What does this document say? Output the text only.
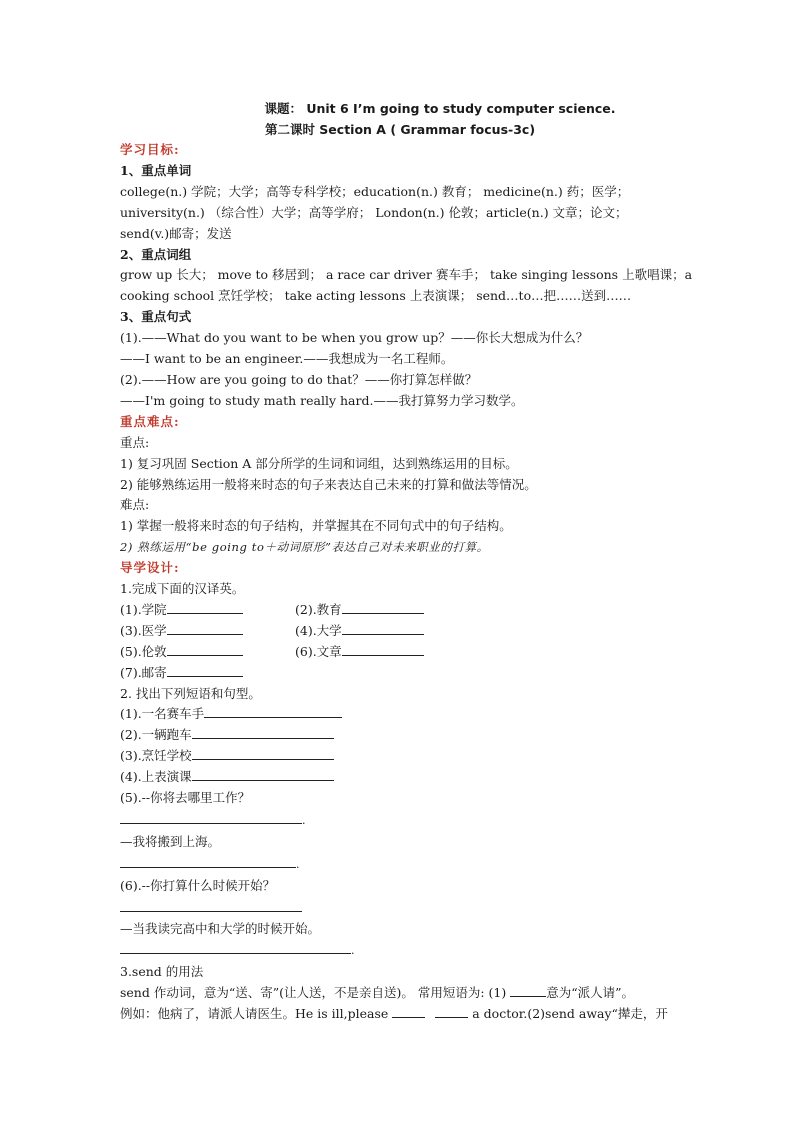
课题： Unit 6 I’m going to study computer science.
第二课时 Section A ( Grammar focus-3c)
学习目标:
1、重点单词
college(n.) 学院；大学；高等专科学校；education(n.) 教育； medicine(n.) 药；医学；
university(n.) （综合性）大学；高等学府； London(n.) 伦敦；article(n.) 文章；论文；
send(v.)邮寄；发送
2、重点词组
grow up 长大； move to 移居到； a race car driver 赛车手； take singing lessons 上歌唱课；a
cooking school 烹饪学校； take acting lessons 上表演课； send…to…把……送到……
3、重点句式
(1).——What do you want to be when you grow up？——你长大想成为什么？
——I want to be an engineer.——我想成为一名工程师。
(2).——How are you going to do that？——你打算怎样做？
——I'm going to study math really hard.——我打算努力学习数学。
重点难点:
重点:
1) 复习巩固 Section A 部分所学的生词和词组，达到熟练运用的目标。
2) 能够熟练运用一般将来时态的句子来表达自己未来的打算和做法等情况。
难点:
1) 掌握一般将来时态的句子结构，并掌握其在不同句式中的句子结构。
2) 熟练运用“be going to＋动词原形”表达自己对未来职业的打算。
导学设计:
1.完成下面的汉译英。
(1).学院	(2).教育
(3).医学	(4).大学
(5).伦敦	(6).文章
(7).邮寄
2. 找出下列短语和句型。
(1).一名赛车手
(2).一辆跑车
(3).烹饪学校
(4).上表演课
(5).--你将去哪里工作？
.
—我将搬到上海。
.
(6).--你打算什么时候开始？
—当我读完高中和大学的时候开始。
.
3.send 的用法
send 作动词，意为“送、寄”(让人送，不是亲自送)。 常用短语为: (1)	意为“派人请”。
例如：他病了，请派人请医生。He is ill,please	a doctor.(2)send away“撵走，开
